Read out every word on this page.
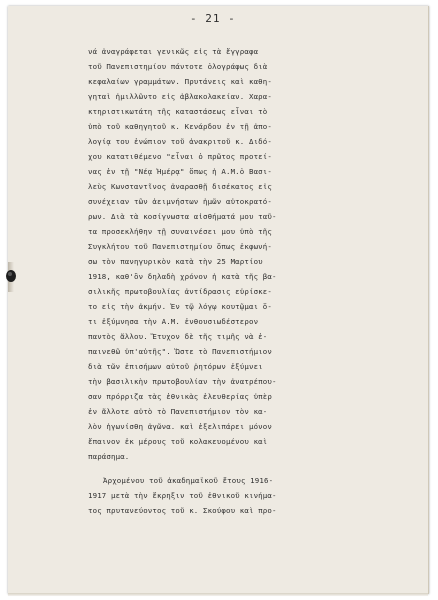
- 21 -
νά ἀναγράφεται γενικῶς εἰς τὰ ἔγγραφα
τοῦ Πανεπιστημίου πάντοτε ὁλογράφως διὰ
κεφαλαίων γραμμάτων. Πρυτάνεις καὶ καθη-
γηταὶ ἡμιλλῶντο εἰς ἀβλακολακείαν. Χαρα-
κτηριστικωτάτη τῆς καταστάσεως εἶναι τὸ
ὑπὸ τοῦ καθηγητοῦ κ. Κενάρδου ἐν τῇ ἀπο-
λογίᾳ του ἐνώπιον τοῦ ἀνακριτοῦ κ. Διδό-
χου κατατιθέμενο "εἶναι ὁ πρῶτος προτεί-
νας ἐν τῇ "Νέᾳ Ἡμέρᾳ" ὅπως ἡ Α.Μ.ὁ Βασι-
λεὺς Κωνσταντῖνος ἀναρασθῇ δισέκατος εἰς
συνέχειαν τῶν ἀειμνήστων ἡμῶν αὐτοκρατό-
ρων. Διὰ τὰ κοσίγνωστα αἰσθήματά μου ταῦ-
τα προσεκλήθην τῇ συναινέσει μου ὑπὸ τῆς
Συγκλήτου τοῦ Πανεπιστημίου ὅπως ἐκφωνή-
σω τὸν πανηγυρικὸν κατὰ τὴν 25 Μαρτίου
1918, καθ'ὃν δηλαδὴ χρόνον ἡ κατὰ τῆς βα-
σιλικῆς πρωτοβουλίας ἀντίδρασις εὑρίσκε-
το εἰς τὴν ἀκμήν. Ἐν τῷ λόγῳ κουτῷμαι ὅ-
τι ἐξύμνησα τὴν Α.Μ. ἐνθουσιωδέστερον
παντὸς ἄλλου. Ἔτυχον δὲ τῆς τιμῆς νὰ ἐ-
παινεθῶ ὑπ'αὐτῆς". Ὥστε τὸ Πανεπιστήμιον
διὰ τῶν ἐπισήμων αὐτοῦ ῥητόρων ἐξύμνει
τὴν βασιλικὴν πρωτοβουλίαν τὴν ἀνατρέπου-
σαν πρόρριζα τὰς ἐθνικὰς ἐλευθερίας ὑπὲρ
ἐν ἄλλοτε αὐτὸ τὸ Πανεπιστήμιον τὸν κα-
λὸν ἠγωνίσθη ἀγῶνα. καὶ ἐξελιπάρει μόνον
ἔπαινον ἐκ μέρους τοῦ κολακευομένου καὶ
παράσημα.
Ἀρχομένου τοῦ ἀκαδημαϊκοῦ ἔτους 1916-
1917 μετὰ τὴν ἔκρηξιν τοῦ ἐθνικοῦ κινήμα-
τος πρυτανεύοντος τοῦ κ. Σκούφου καὶ προ-
